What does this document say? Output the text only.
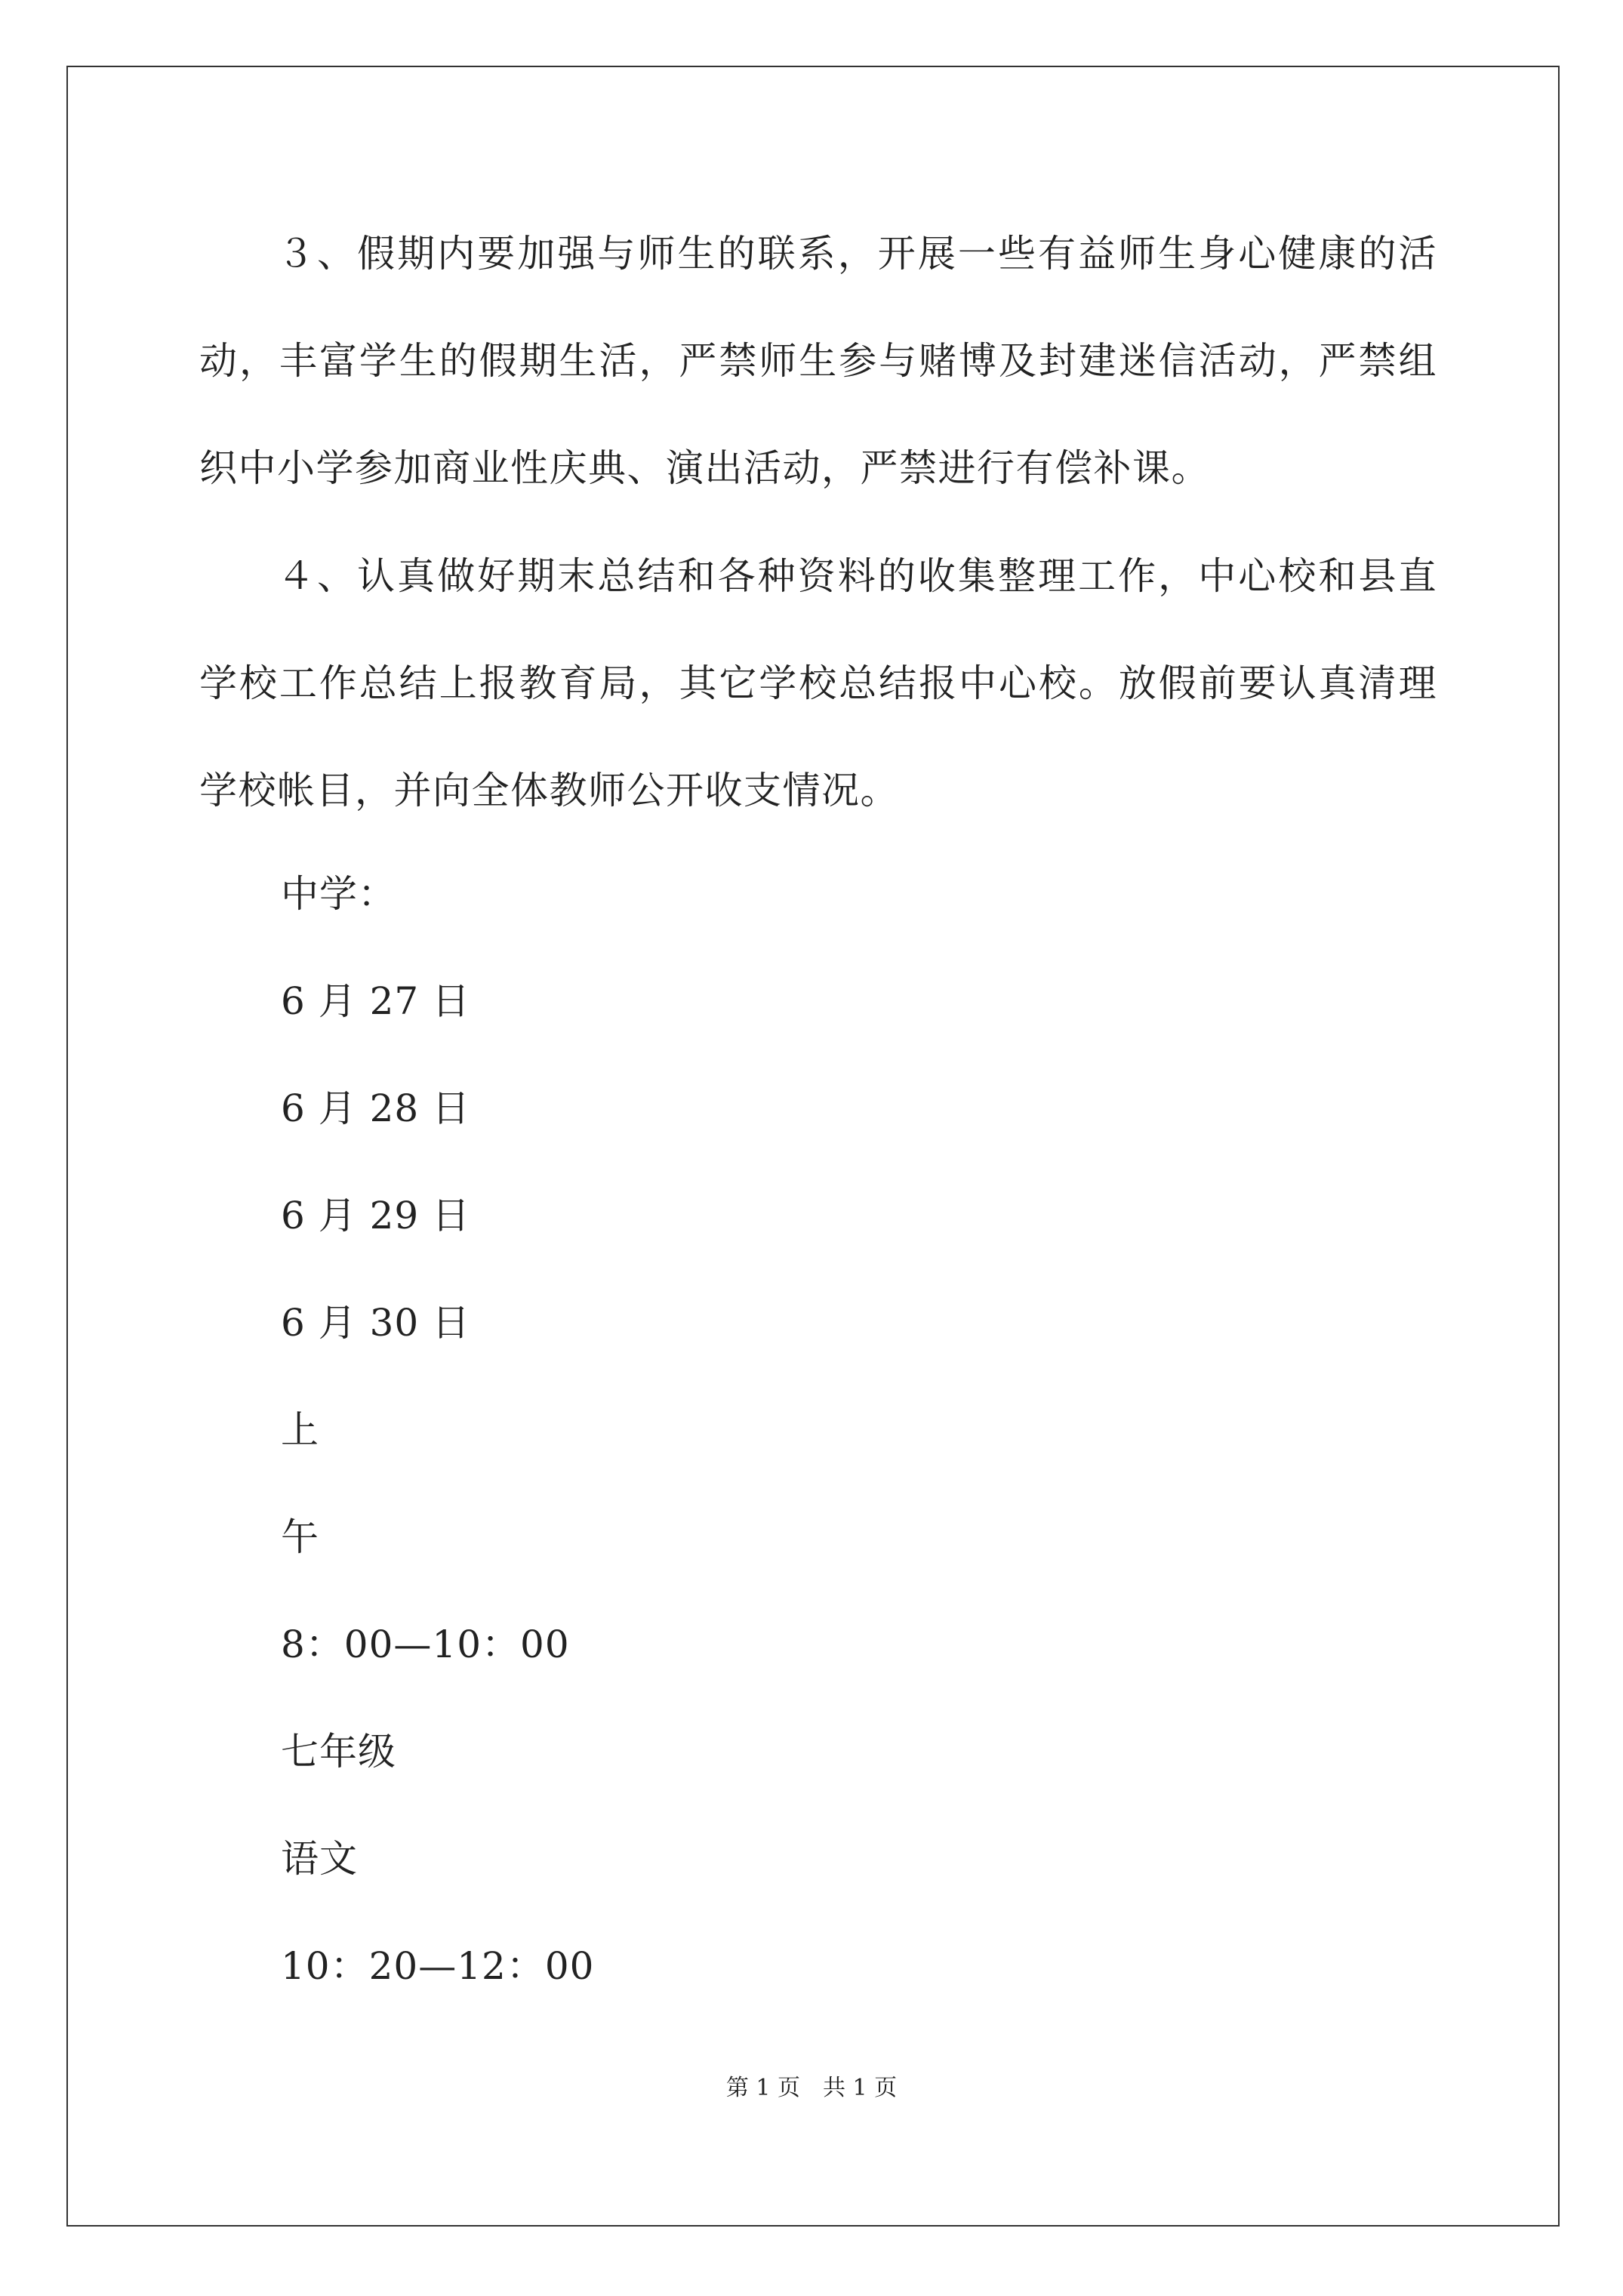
３、假期内要加强与师生的联系，开展一些有益师生身心健康的活动，丰富学生的假期生活，严禁师生参与赌博及封建迷信活动，严禁组织中小学参加商业性庆典、演出活动，严禁进行有偿补课。

４、认真做好期末总结和各种资料的收集整理工作，中心校和县直学校工作总结上报教育局，其它学校总结报中心校。放假前要认真清理学校帐目，并向全体教师公开收支情况。

中学：

6 月 27 日

6 月 28 日

6 月 29 日

6 月 30 日

上

午

8：00—10：00

七年级

语文

10：20—12：00

第 1 页 共 1 页
